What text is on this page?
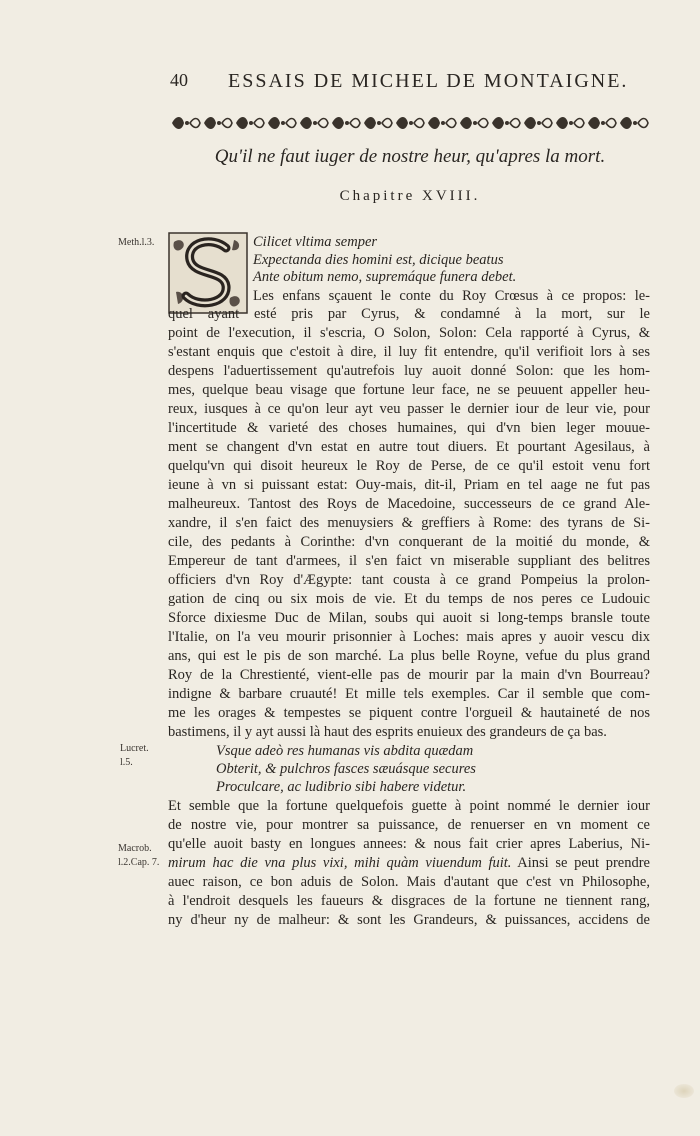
40 ESSAIS DE MICHEL DE MONTAIGNE.
Qu'il ne faut iuger de nostre heur, qu'apres la mort.
Chapitre XVIII.
Meth.l.3.
Lucret.
l.5.
Macrob.
l.2.Cap. 7.
Cilicet vltima semper
Expectanda dies homini est, dicique beatus
Ante obitum nemo, supremáque funera debet.
Les enfans sçauent le conte du Roy Crœsus à ce propos: le-
quel ayant esté pris par Cyrus, & condamné à la mort, sur le
point de l'execution, il s'escria, O Solon, Solon: Cela rapporté à Cyrus, &
s'estant enquis que c'estoit à dire, il luy fit entendre, qu'il verifioit lors à ses
despens l'aduertissement qu'autrefois luy auoit donné Solon: que les hom-
mes, quelque beau visage que fortune leur face, ne se peuuent appeller heu-
reux, iusques à ce qu'on leur ayt veu passer le dernier iour de leur vie, pour
l'incertitude & varieté des choses humaines, qui d'vn bien leger mouue-
ment se changent d'vn estat en autre tout diuers. Et pourtant Agesilaus, à
quelqu'vn qui disoit heureux le Roy de Perse, de ce qu'il estoit venu fort
ieune à vn si puissant estat: Ouy-mais, dit-il, Priam en tel aage ne fut pas
malheureux. Tantost des Roys de Macedoine, successeurs de ce grand Ale-
xandre, il s'en faict des menuysiers & greffiers à Rome: des tyrans de Si-
cile, des pedants à Corinthe: d'vn conquerant de la moitié du monde, &
Empereur de tant d'armees, il s'en faict vn miserable suppliant des belitres
officiers d'vn Roy d'Ægypte: tant cousta à ce grand Pompeius la prolon-
gation de cinq ou six mois de vie. Et du temps de nos peres ce Ludouic
Sforce dixiesme Duc de Milan, soubs qui auoit si long-temps bransle toute
l'Italie, on l'a veu mourir prisonnier à Loches: mais apres y auoir vescu dix
ans, qui est le pis de son marché. La plus belle Royne, vefue du plus grand
Roy de la Chrestienté, vient-elle pas de mourir par la main d'vn Bourreau?
indigne & barbare cruauté! Et mille tels exemples. Car il semble que com-
me les orages & tempestes se piquent contre l'orgueil & hautaineté de nos
bastimens, il y ayt aussi là haut des esprits enuieux des grandeurs de ça bas.
Vsque adeò res humanas vis abdita quædam
Obterit, & pulchros fasces sæuásque secures
Proculcare, ac ludibrio sibi habere videtur.
Et semble que la fortune quelquefois guette à point nommé le dernier iour
de nostre vie, pour montrer sa puissance, de renuerser en vn moment ce
qu'elle auoit basty en longues annees: & nous fait crier apres Laberius, Ni-
mirum hac die vna plus vixi, mihi quàm viuendum fuit. Ainsi se peut prendre
auec raison, ce bon aduis de Solon. Mais d'autant que c'est vn Philosophe,
à l'endroit desquels les faueurs & disgraces de la fortune ne tiennent rang,
ny d'heur ny de malheur: & sont les Grandeurs, & puissances, accidens de
